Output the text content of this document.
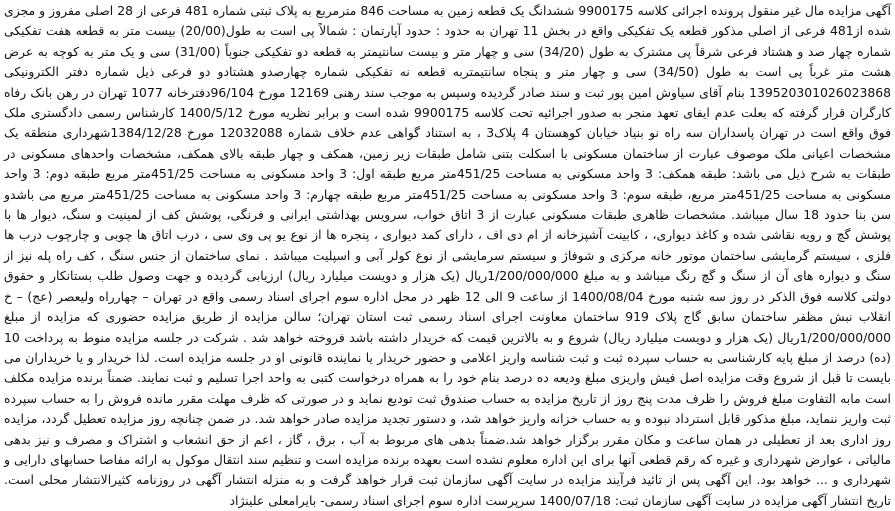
آگهی مزایده مال غیر منقول پرونده اجرائی کلاسه 9900175 ششدانگ یک قطعه زمین به مساحت 846 مترمربع به پلاک ثبتی شماره 481 فرعی از 28 اصلی مفروز و مجزی شده از481 فرعی از اصلی مذکور قطعه یک تفکیکی واقع در بخش 11 تهران به حدود : حدود آپارتمان : شمالاً پی است به طول(20/00) بیست متر به قطعه هفت تفکیکی شماره چهار صد و هشتاد فرعی شرقاً پی مشترک به طول (34/20) سی و چهار متر و بیست سانتیمتر به قطعه دو تفکیکی جنوباً (31/00) سی و یک متر به کوچه به عرض هشت متر غرباً پی است به طول (34/50) سی و چهار متر و پنجاه سانتیمتربه قطعه نه تفکیکی شماره چهارصدو هشتادو دو فرعی ذیل شماره دفتر الکترونیکی 139520301026023868 بنام آقای سیاوش امین پور ثبت و سند صادر گردیده وسپس به موجب سند رهنی 12169 مورخ 96/104دفترخانه 1077 تهران در رهن بانک رفاه کارگران قرار گرفته که بعلت عدم ایفای تعهد منجر به صدور اجرائیه تحت کلاسه 9900175 شده است و برابر نظریه مورخ 1400/5/12 کارشناس رسمی دادگستری ملک فوق واقع است در تهران پاسداران سه راه نو بنیاد خیابان کوهستان 4 پلاک3 ، به استناد گواهی عدم خلاف شماره 12032088 مورخ 1384/12/28شهرداری منطقه یک مشخصات اعیانی ملک موصوف عبارت از ساختمان مسکونی با اسکلت بتنی شامل طبقات زیر زمین، همکف و چهار طبقه بالای همکف، مشخصات واحدهای مسکونی در طبقات به شرح ذیل می باشد: طبقه همکف: 3 واحد مسکونی به مساحت 451/25متر مربع طبقه اول: 3 واحد مسکونی به مساحت 451/25متر مربع طبقه دوم: 3 واحد مسکونی به مساحت 451/25متر مربع، طبقه سوم: 3 واحد مسکونی به مساحت 451/25متر مربع طبقه چهارم: 3 واحد مسکونی به مساحت 451/25متر مربع می باشدو سن بنا حدود 18 سال میباشد. مشخصات ظاهری طبقات مسکونی عبارت از 3 اتاق خواب، سرویس بهداشتی ایرانی و فرنگی، پوشش کف از لمینیت و سنگ، دیوار ها با پوشش گچ و رویه نقاشی شده و کاغذ دیواری، ، کابینت آشپزخانه از ام دی اف ، دارای کمد دیواری ، پنجره ها از نوع یو پی وی سی ، درب اتاق ها چوبی و چارچوب درب ها فلزی ، سیستم گرمایشی ساختمان موتور خانه مرکزی و شوفاژ و سیستم سرمایشی از نوع کولر آبی و اسپلیت میباشد . نمای ساختمان از جنس سنگ ، کف راه پله نیز از سنگ و دیواره های آن از سنگ و گچ رنگ میباشد و به مبلغ 1/200/000/000ریال (یک هزار و دویست میلیارد ریال) ارزیابی گردیده و جهت وصول طلب بستانکار و حقوق دولتی کلاسه فوق الذکر در روز سه شنبه مورخ 1400/08/04 از ساعت 9 الی 12 ظهر در محل اداره سوم اجرای اسناد رسمی واقع در تهران – چهارراه ولیعصر (عج) – خ انقلاب نبش مظفر ساختمان سابق گاج پلاک 919 ساختمان معاونت اجرای اسناد رسمی ثبت استان تهران؛ سالن مزایده از طریق مزایده حضوری که مزایده از مبلغ 1/200/000/000ریال (یک هزار و دویست میلیارد ریال) شروع و به بالاترین قیمت که خریدار داشته باشد فروخته خواهد شد . شرکت در جلسه مزایده منوط به پرداخت 10 (ده) درصد از مبلغ پایه کارشناسی به حساب سپرده ثبت و ثبت شناسه واریز اعلامی و حضور خریدار یا نماینده قانونی او در جلسه مزایده است. لذا خریدار و یا خریداران می بایست تا قبل از شروع وقت مزایده اصل فیش واریزی مبلغ ودیعه ده درصد بنام خود را به همراه درخواست کتبی به واحد اجرا تسلیم و ثبت نمایند. ضمناً برنده مزایده مکلف است مابه التفاوت مبلغ فروش را ظرف مدت پنج روز از تاریخ مزایده به حساب صندوق ثبت تودیع نماید و در صورتی که ظرف مهلت مقرر مانده فروش را به حساب سپرده ثبت واریز ننماید، مبلغ مذکور قابل استرداد نبوده و به حساب خزانه واریز خواهد شد، و دستور تجدید مزایده صادر خواهد شد. در ضمن چنانچه روز مزایده تعطیل گردد، مزایده روز اداری بعد از تعطیلی در همان ساعت و مکان مقرر برگزار خواهد شد.ضمناً بدهی های مربوط به آب ، برق ، گاز ، اعم از حق انشعاب و اشتراک و مصرف و نیز بدهی مالیاتی ، عوارض شهرداری و غیره که رقم قطعی آنها برای این اداره معلوم نشده است بعهده برنده مزایده است و تنظیم سند انتقال موکول به ارائه مفاصا حسابهای دارایی و شهرداری و ... خواهد بود. این آگهی پس از تائید فرآیند مزایده در سایت آگهی سازمان ثبت قرار خواهد گرفت و به منزله انتشار آگهی در روزنامه کثیرالانتشار محلی است. تاریخ انتشار آگهی مزایده در سایت آگهی سازمان ثبت: 1400/07/18 سرپرست اداره سوم اجرای اسناد رسمی- بایرامعلی علینژاد
